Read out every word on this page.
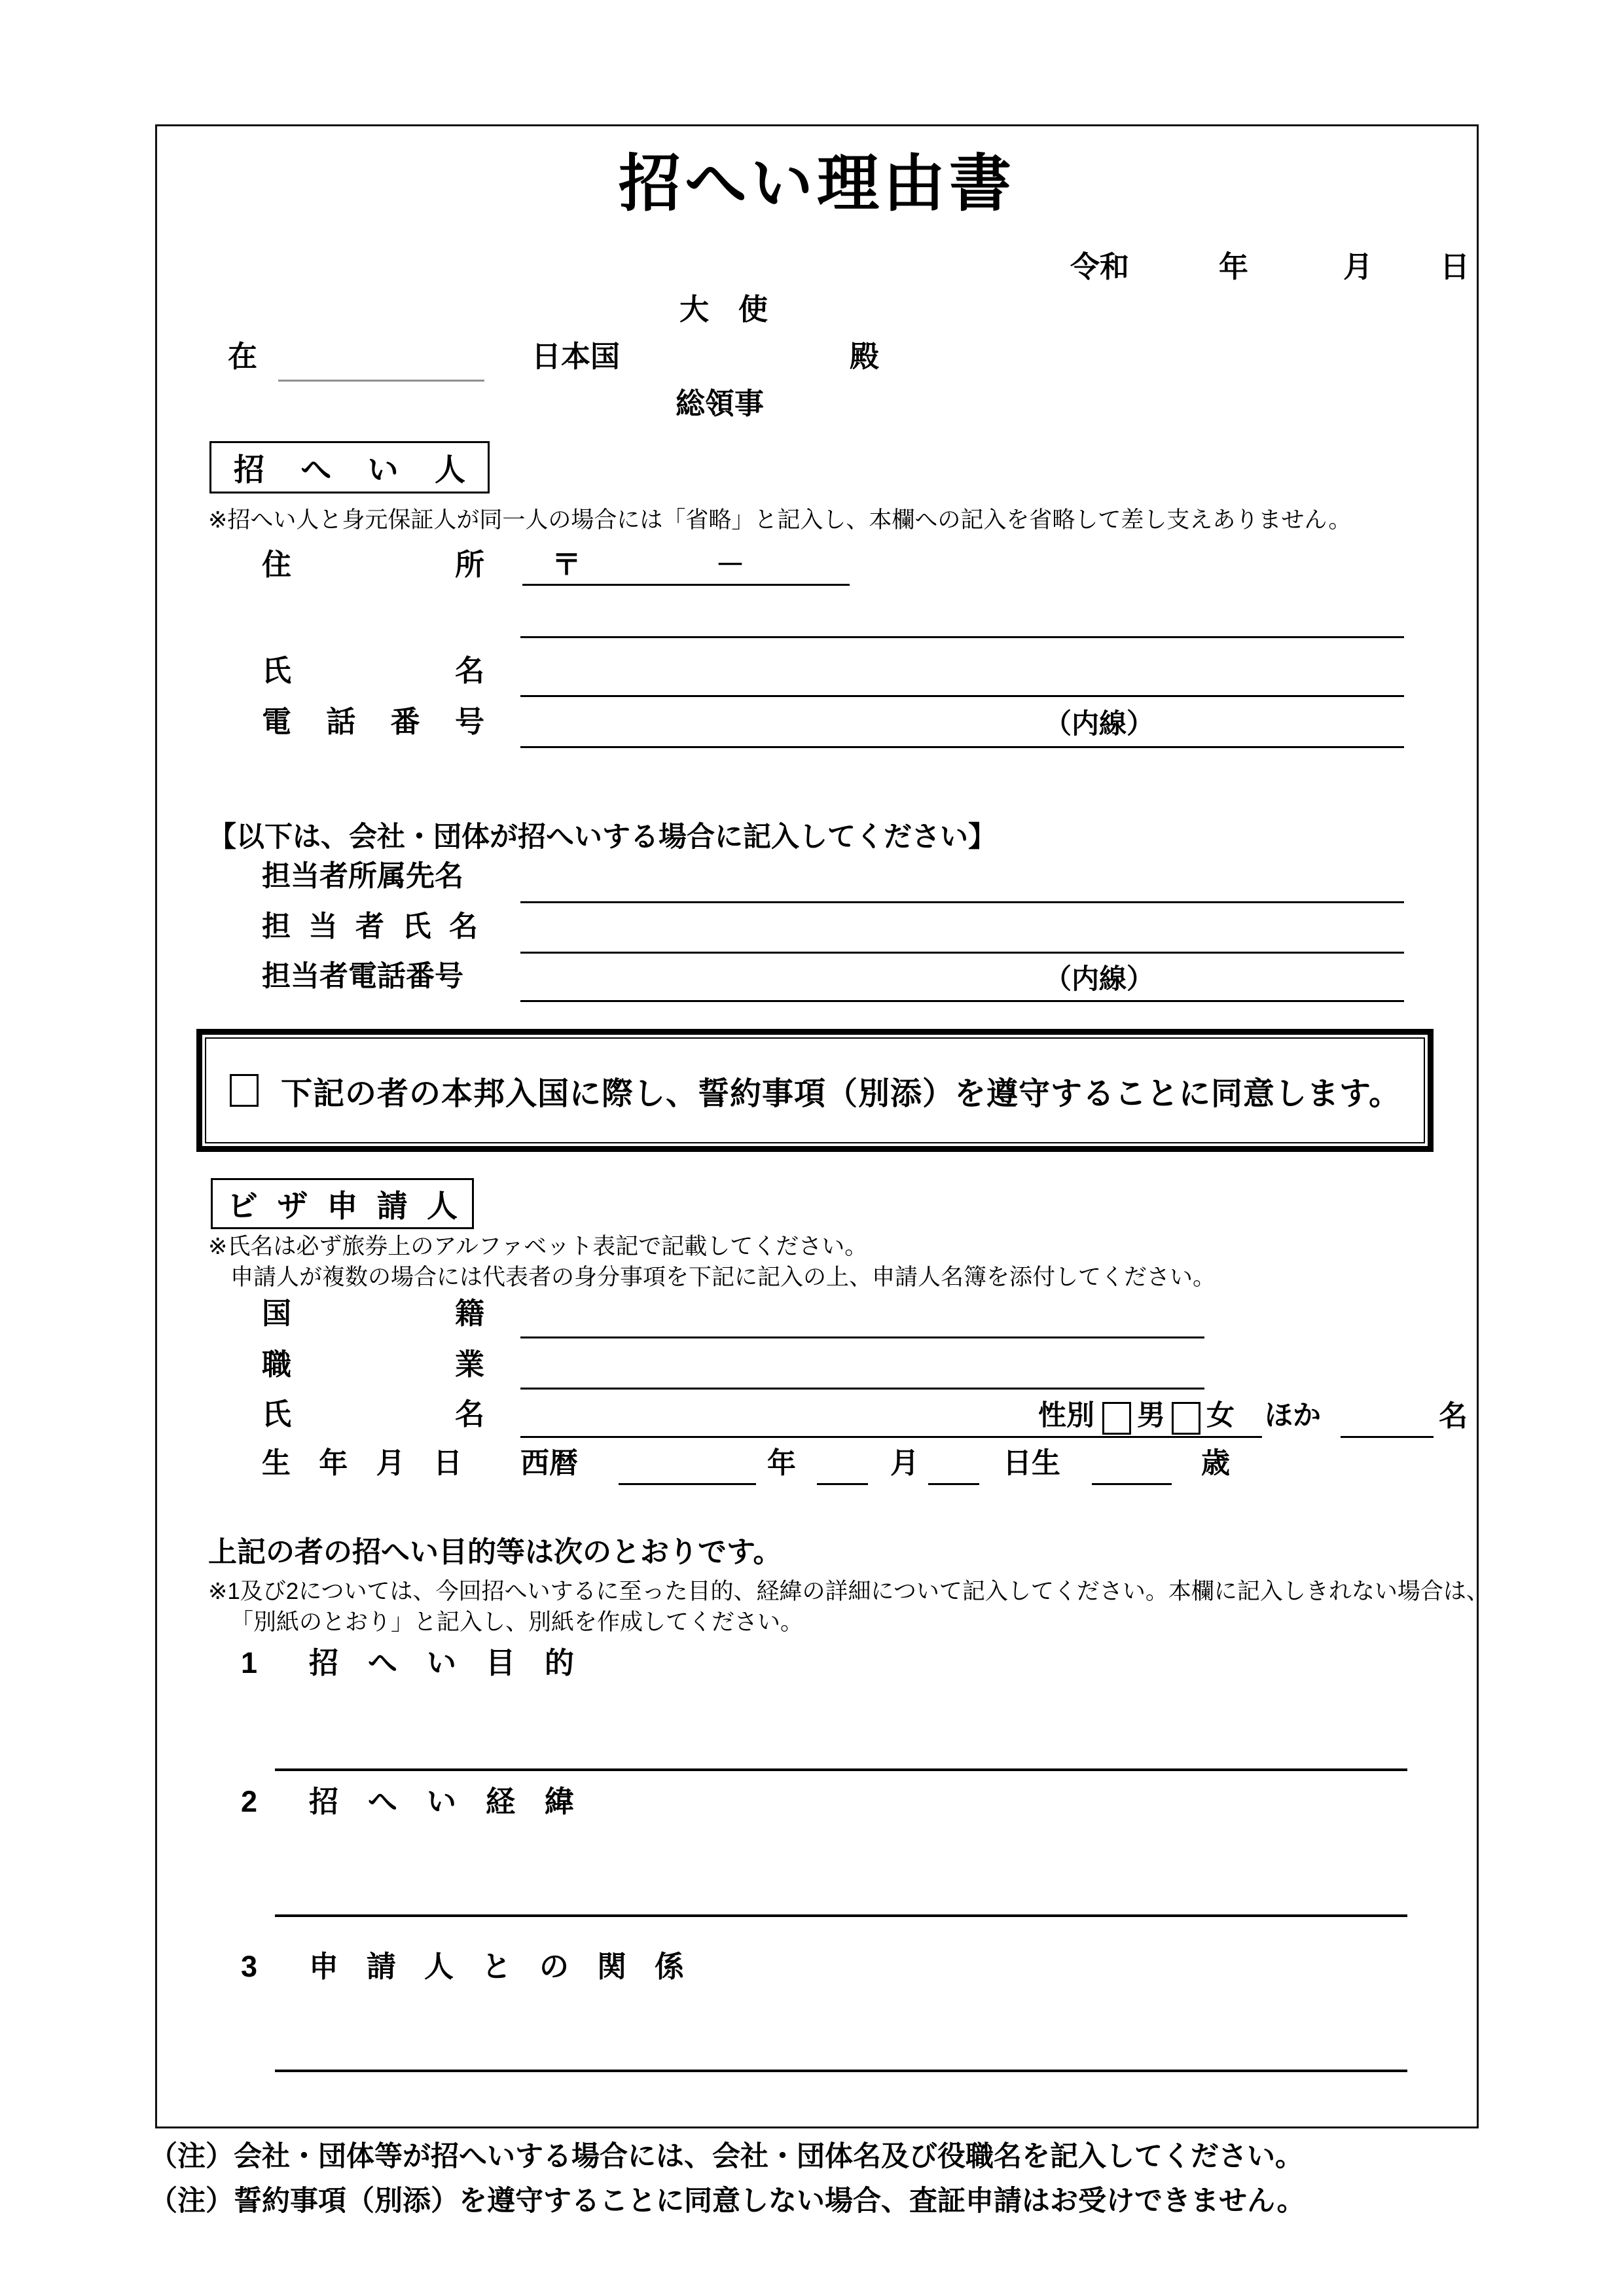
招へい理由書
令和	年	月 日
大　使
在	日本国	殿
総領事
招 へ い 人
※招へい人と身元保証人が同一人の場合には「省略」と記入し、本欄への記入を省略して差し支えありません。
住	所 〒	－
氏	名
電 話 番 号	（内線）
【以下は、会社・団体が招へいする場合に記入してください】
担当者所属先名
担 当 者 氏 名
担当者電話番号	（内線）
下記の者の本邦入国に際し、誓約事項（別添）を遵守することに同意します。
ビ ザ 申 請 人
※氏名は必ず旅券上のアルファベット表記で記載してください。
申請人が複数の場合には代表者の身分事項を下記に記入の上、申請人名簿を添付してください。
国	籍
職	業
氏	名	性別 男 女 ほか	名
生 年 月 日 西暦	年	月	日生	歳
上記の者の招へい目的等は次のとおりです。
※1及び2については、今回招へいするに至った目的、経緯の詳細について記入してください。本欄に記入しきれない場合は、
「別紙のとおり」と記入し、別紙を作成してください。
1 招へい目的
2 招へい経緯
3 申請人との関係
（注）会社・団体等が招へいする場合には、会社・団体名及び役職名を記入してください。
（注）誓約事項（別添）を遵守することに同意しない場合、査証申請はお受けできません。
